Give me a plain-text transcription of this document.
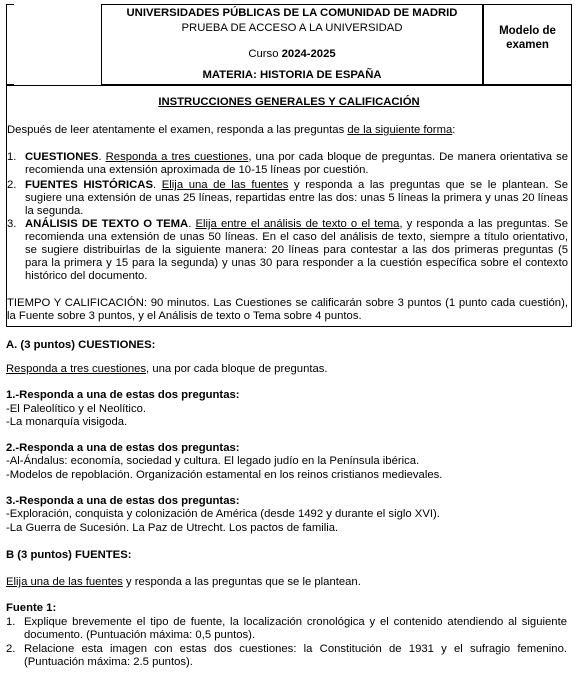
UNIVERSIDADES PÚBLICAS DE LA COMUNIDAD DE MADRID
PRUEBA DE ACCESO A LA UNIVERSIDAD
Curso 2024-2025
MATERIA: HISTORIA DE ESPAÑA
Modelo de
examen
INSTRUCCIONES GENERALES Y CALIFICACIÓN
Después de leer atentamente el examen, responda a las preguntas de la siguiente forma:
1. CUESTIONES. Responda a tres cuestiones, una por cada bloque de preguntas. De manera orientativa se recomienda una extensión aproximada de 10-15 líneas por cuestión.
2. FUENTES HISTÓRICAS. Elija una de las fuentes y responda a las preguntas que se le plantean. Se sugiere una extensión de unas 25 líneas, repartidas entre las dos: unas 5 líneas la primera y unas 20 líneas la segunda.
3. ANÁLISIS DE TEXTO O TEMA. Elija entre el análisis de texto o el tema, y responda a las preguntas. Se recomienda una extensión de unas 50 líneas. En el caso del análisis de texto, siempre a título orientativo, se sugiere distribuirlas de la siguiente manera: 20 líneas para contestar a las dos primeras preguntas (5 para la primera y 15 para la segunda) y unas 30 para responder a la cuestión específica sobre el contexto histórico del documento.
TIEMPO Y CALIFICACIÓN: 90 minutos. Las Cuestiones se calificarán sobre 3 puntos (1 punto cada cuestión), la Fuente sobre 3 puntos, y el Análisis de texto o Tema sobre 4 puntos.
A. (3 puntos) CUESTIONES:
Responda a tres cuestiones, una por cada bloque de preguntas.
1.-Responda a una de estas dos preguntas:
-El Paleolítico y el Neolítico.
-La monarquía visigoda.
2.-Responda a una de estas dos preguntas:
-Al-Ándalus: economía, sociedad y cultura. El legado judío en la Península ibérica.
-Modelos de repoblación. Organización estamental en los reinos cristianos medievales.
3.-Responda a una de estas dos preguntas:
-Exploración, conquista y colonización de América (desde 1492 y durante el siglo XVI).
-La Guerra de Sucesión. La Paz de Utrecht. Los pactos de familia.
B (3 puntos) FUENTES:
Elija una de las fuentes y responda a las preguntas que se le plantean.
Fuente 1:
1. Explique brevemente el tipo de fuente, la localización cronológica y el contenido atendiendo al siguiente documento. (Puntuación máxima: 0,5 puntos).
2. Relacione esta imagen con estas dos cuestiones: la Constitución de 1931 y el sufragio femenino. (Puntuación máxima: 2.5 puntos).
